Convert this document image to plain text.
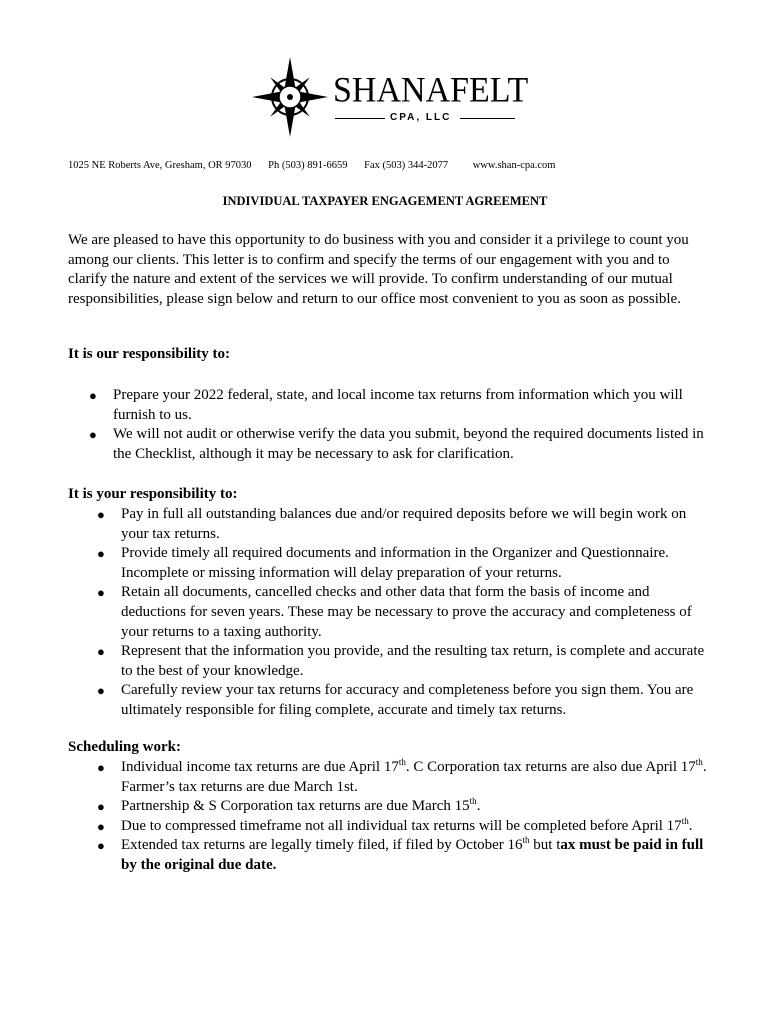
SHANAFELT
CPA, LLC
1025 NE Roberts Ave, Gresham, OR 97030 Ph (503) 891-6659 Fax (503) 344-2077 www.shan-cpa.com
INDIVIDUAL TAXPAYER ENGAGEMENT AGREEMENT
We are pleased to have this opportunity to do business with you and consider it a privilege to count you among our clients. This letter is to confirm and specify the terms of our engagement with you and to clarify the nature and extent of the services we will provide. To confirm understanding of our mutual responsibilities, please sign below and return to our office most convenient to you as soon as possible.
It is our responsibility to:
● Prepare your 2022 federal, state, and local income tax returns from information which you will furnish to us.
● We will not audit or otherwise verify the data you submit, beyond the required documents listed in the Checklist, although it may be necessary to ask for clarification.
It is your responsibility to:
● Pay in full all outstanding balances due and/or required deposits before we will begin work on your tax returns.
● Provide timely all required documents and information in the Organizer and Questionnaire. Incomplete or missing information will delay preparation of your returns.
● Retain all documents, cancelled checks and other data that form the basis of income and deductions for seven years. These may be necessary to prove the accuracy and completeness of your returns to a taxing authority.
● Represent that the information you provide, and the resulting tax return, is complete and accurate to the best of your knowledge.
● Carefully review your tax returns for accuracy and completeness before you sign them. You are ultimately responsible for filing complete, accurate and timely tax returns.
Scheduling work:
● Individual income tax returns are due April 17th. C Corporation tax returns are also due April 17th. Farmer’s tax returns are due March 1st.
● Partnership & S Corporation tax returns are due March 15th.
● Due to compressed timeframe not all individual tax returns will be completed before April 17th.
● Extended tax returns are legally timely filed, if filed by October 16th but tax must be paid in full by the original due date.
